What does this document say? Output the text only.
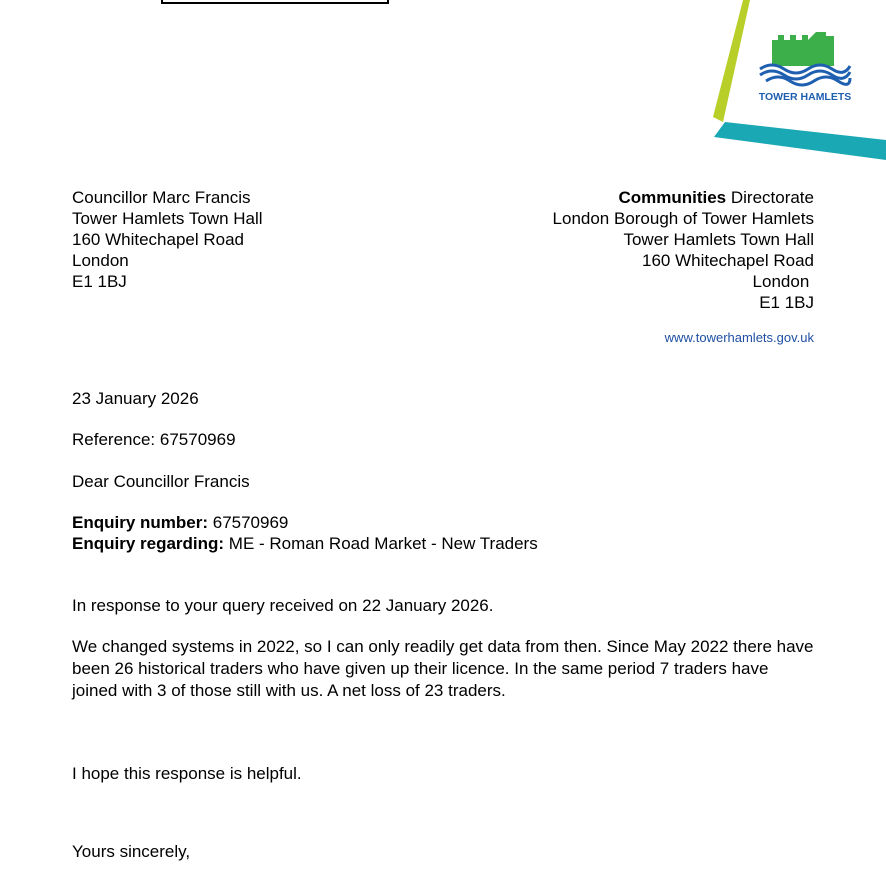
TOWER HAMLETS
Councillor Marc Francis
Tower Hamlets Town Hall
160 Whitechapel Road
London
E1 1BJ
Communities Directorate
London Borough of Tower Hamlets
Tower Hamlets Town Hall
160 Whitechapel Road
London
E1 1BJ
www.towerhamlets.gov.uk
23 January 2026
Reference: 67570969
Dear Councillor Francis
Enquiry number: 67570969
Enquiry regarding: ME - Roman Road Market - New Traders
In response to your query received on 22 January 2026.
We changed systems in 2022, so I can only readily get data from then. Since May 2022 there have been 26 historical traders who have given up their licence. In the same period 7 traders have joined with 3 of those still with us. A net loss of 23 traders.
I hope this response is helpful.
Yours sincerely,
